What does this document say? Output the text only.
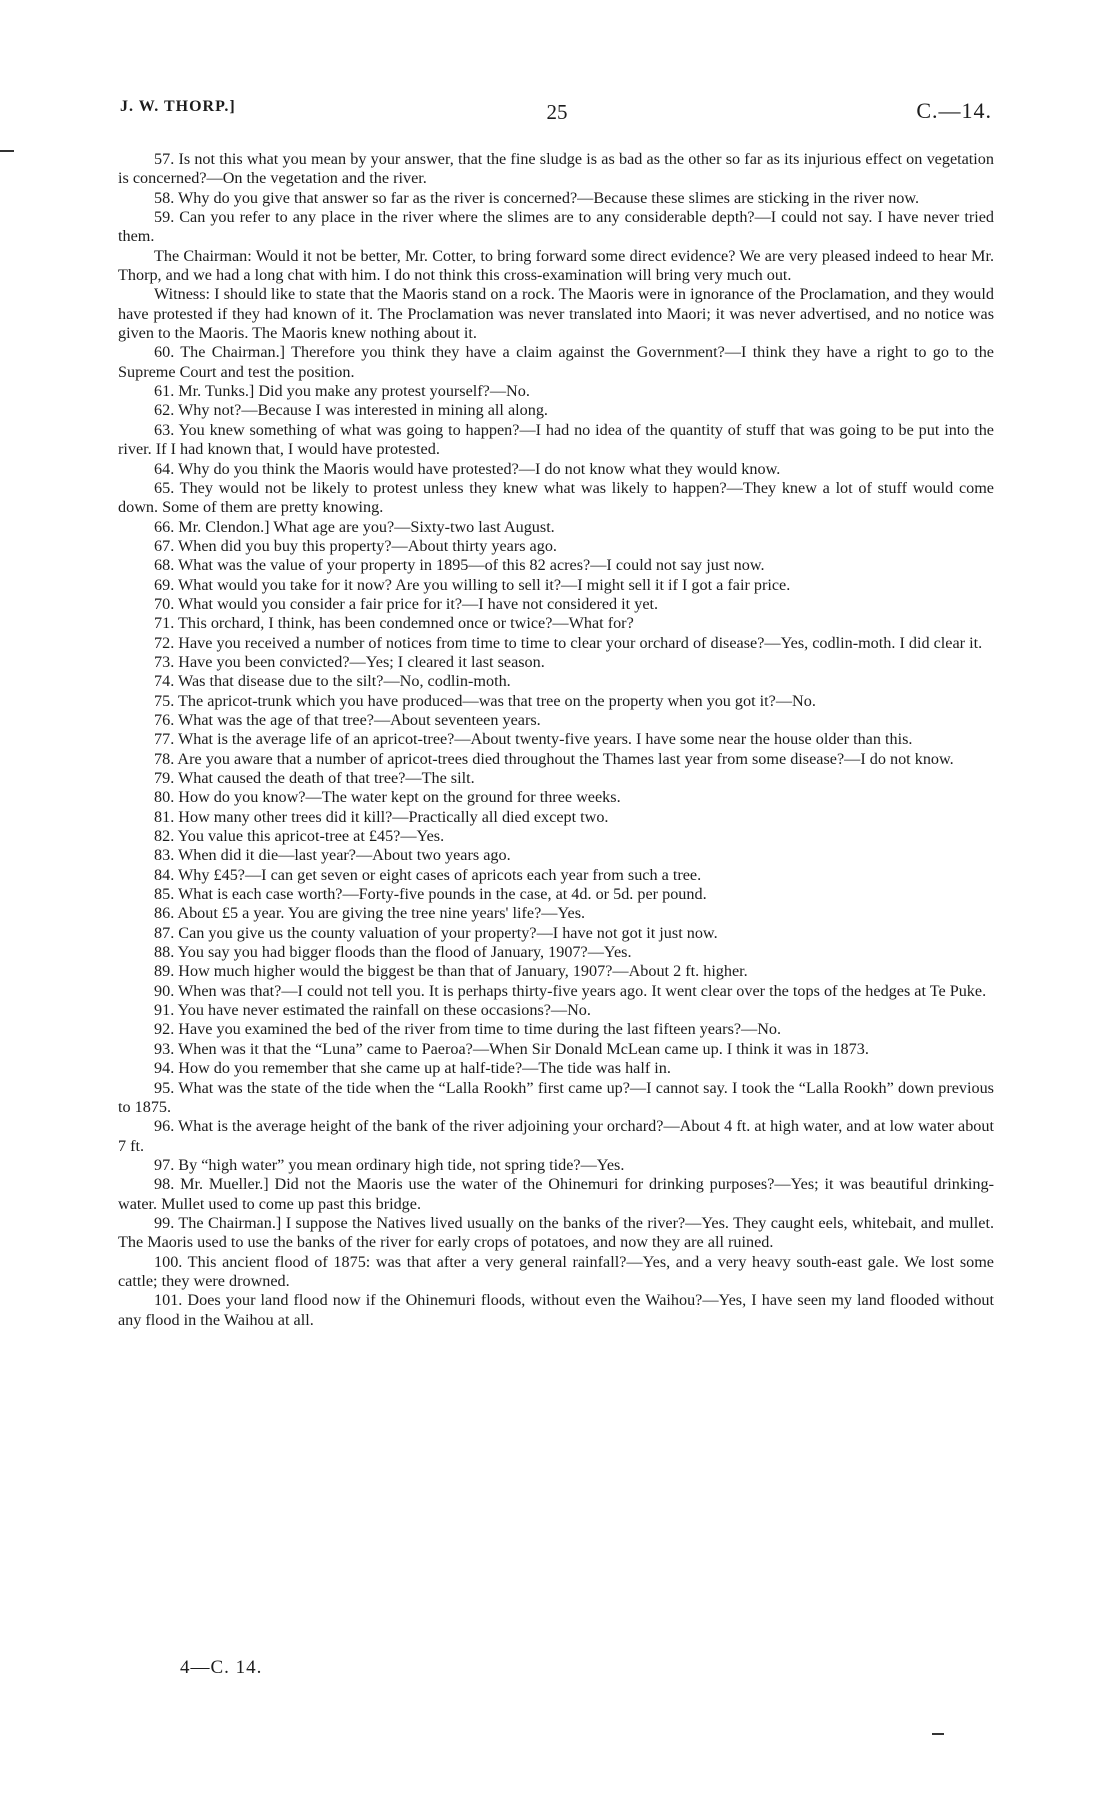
J. W. THORP.]	25	C.—14.

57. Is not this what you mean by your answer, that the fine sludge is as bad as the other so far as its injurious effect on vegetation is concerned?—On the vegetation and the river.

58. Why do you give that answer so far as the river is concerned?—Because these slimes are sticking in the river now.

59. Can you refer to any place in the river where the slimes are to any considerable depth?—I could not say. I have never tried them.

The Chairman: Would it not be better, Mr. Cotter, to bring forward some direct evidence? We are very pleased indeed to hear Mr. Thorp, and we had a long chat with him. I do not think this cross-examination will bring very much out.

Witness: I should like to state that the Maoris stand on a rock. The Maoris were in ignorance of the Proclamation, and they would have protested if they had known of it. The Proclamation was never translated into Maori; it was never advertised, and no notice was given to the Maoris. The Maoris knew nothing about it.

60. The Chairman.] Therefore you think they have a claim against the Government?—I think they have a right to go to the Supreme Court and test the position.

61. Mr. Tunks.] Did you make any protest yourself?—No.

62. Why not?—Because I was interested in mining all along.

63. You knew something of what was going to happen?—I had no idea of the quantity of stuff that was going to be put into the river. If I had known that, I would have protested.

64. Why do you think the Maoris would have protested?—I do not know what they would know.

65. They would not be likely to protest unless they knew what was likely to happen?—They knew a lot of stuff would come down. Some of them are pretty knowing.

66. Mr. Clendon.] What age are you?—Sixty-two last August.

67. When did you buy this property?—About thirty years ago.

68. What was the value of your property in 1895—of this 82 acres?—I could not say just now.

69. What would you take for it now? Are you willing to sell it?—I might sell it if I got a fair price.

70. What would you consider a fair price for it?—I have not considered it yet.

71. This orchard, I think, has been condemned once or twice?—What for?

72. Have you received a number of notices from time to time to clear your orchard of disease?—Yes, codlin-moth. I did clear it.

73. Have you been convicted?—Yes; I cleared it last season.

74. Was that disease due to the silt?—No, codlin-moth.

75. The apricot-trunk which you have produced—was that tree on the property when you got it?—No.

76. What was the age of that tree?—About seventeen years.

77. What is the average life of an apricot-tree?—About twenty-five years. I have some near the house older than this.

78. Are you aware that a number of apricot-trees died throughout the Thames last year from some disease?—I do not know.

79. What caused the death of that tree?—The silt.

80. How do you know?—The water kept on the ground for three weeks.

81. How many other trees did it kill?—Practically all died except two.

82. You value this apricot-tree at £45?—Yes.

83. When did it die—last year?—About two years ago.

84. Why £45?—I can get seven or eight cases of apricots each year from such a tree.

85. What is each case worth?—Forty-five pounds in the case, at 4d. or 5d. per pound.

86. About £5 a year. You are giving the tree nine years' life?—Yes.

87. Can you give us the county valuation of your property?—I have not got it just now.

88. You say you had bigger floods than the flood of January, 1907?—Yes.

89. How much higher would the biggest be than that of January, 1907?—About 2 ft. higher.

90. When was that?—I could not tell you. It is perhaps thirty-five years ago. It went clear over the tops of the hedges at Te Puke.

91. You have never estimated the rainfall on these occasions?—No.

92. Have you examined the bed of the river from time to time during the last fifteen years?—No.

93. When was it that the “Luna” came to Paeroa?—When Sir Donald McLean came up. I think it was in 1873.

94. How do you remember that she came up at half-tide?—The tide was half in.

95. What was the state of the tide when the “Lalla Rookh” first came up?—I cannot say. I took the “Lalla Rookh” down previous to 1875.

96. What is the average height of the bank of the river adjoining your orchard?—About 4 ft. at high water, and at low water about 7 ft.

97. By “high water” you mean ordinary high tide, not spring tide?—Yes.

98. Mr. Mueller.] Did not the Maoris use the water of the Ohinemuri for drinking purposes?—Yes; it was beautiful drinking-water. Mullet used to come up past this bridge.

99. The Chairman.] I suppose the Natives lived usually on the banks of the river?—Yes. They caught eels, whitebait, and mullet. The Maoris used to use the banks of the river for early crops of potatoes, and now they are all ruined.

100. This ancient flood of 1875: was that after a very general rainfall?—Yes, and a very heavy south-east gale. We lost some cattle; they were drowned.

101. Does your land flood now if the Ohinemuri floods, without even the Waihou?—Yes, I have seen my land flooded without any flood in the Waihou at all.

4—C. 14.
